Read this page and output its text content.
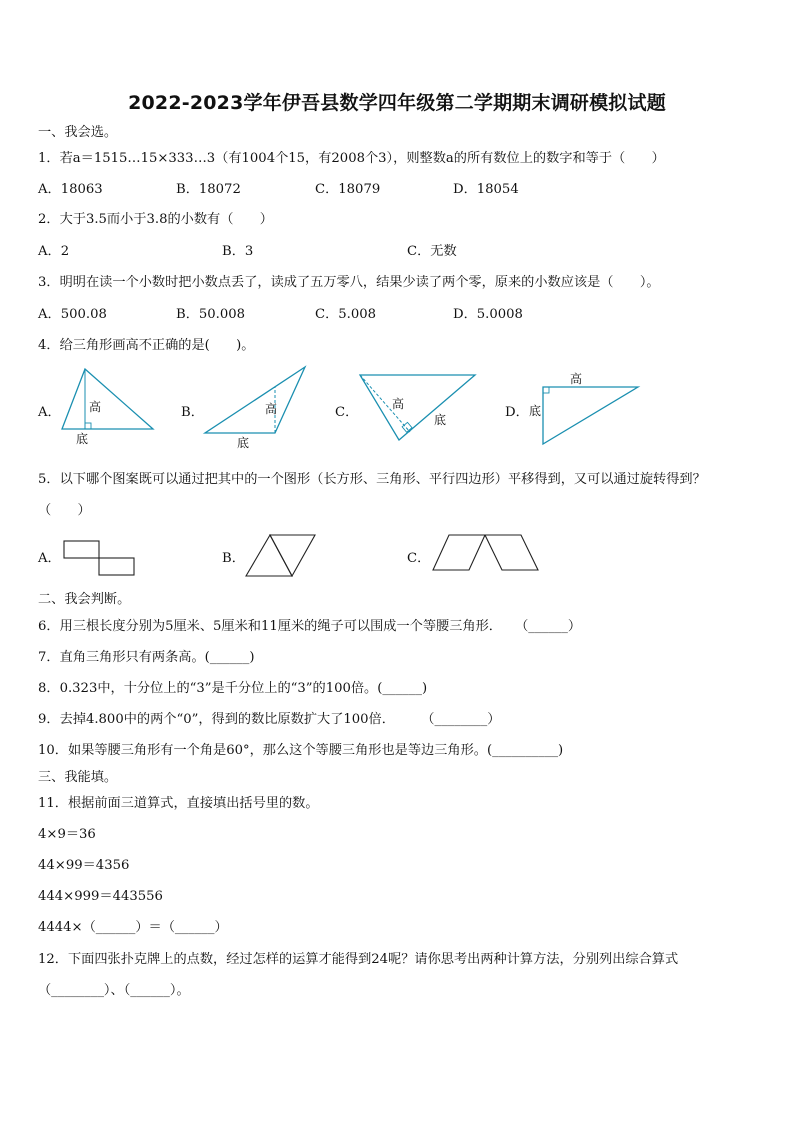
2022-2023学年伊吾县数学四年级第二学期期末调研模拟试题
一、我会选。
1．若a＝1515…15×333…3（有1004个15，有2008个3），则整数a的所有数位上的数字和等于（　　）
A．18063	B．18072	C．18079	D．18054
2．大于3.5而小于3.8的小数有（　　）
A．2	B．3	C．无数
3．明明在读一个小数时把小数点丢了，读成了五万零八，结果少读了两个零，原来的小数应该是（　　）。
A．500.08	B．50.008	C．5.008	D．5.0008
4．给三角形画高不正确的是(　　)。
A． 高
底
B．	高
底
C．
高
底	D．
高
底
5．以下哪个图案既可以通过把其中的一个图形（长方形、三角形、平行四边形）平移得到，又可以通过旋转得到？
（　　）
A．	B．	C．
二、我会判断。
6．用三根长度分别为5厘米、5厘米和11厘米的绳子可以围成一个等腰三角形．　　（______）
7．直角三角形只有两条高。(______)
8．0.323中，十分位上的“3”是千分位上的“3”的100倍。(______)
9．去掉4.800中的两个“0”，得到的数比原数扩大了100倍．　　　（________）
10．如果等腰三角形有一个角是60°，那么这个等腰三角形也是等边三角形。(__________)
三、我能填。
11．根据前面三道算式，直接填出括号里的数。
4×9＝36
44×99＝4356
444×999＝443556
4444×（______）＝（______）
12．下面四张扑克牌上的点数，经过怎样的运算才能得到24呢？请你思考出两种计算方法，分别列出综合算式
（________）、（______）。
